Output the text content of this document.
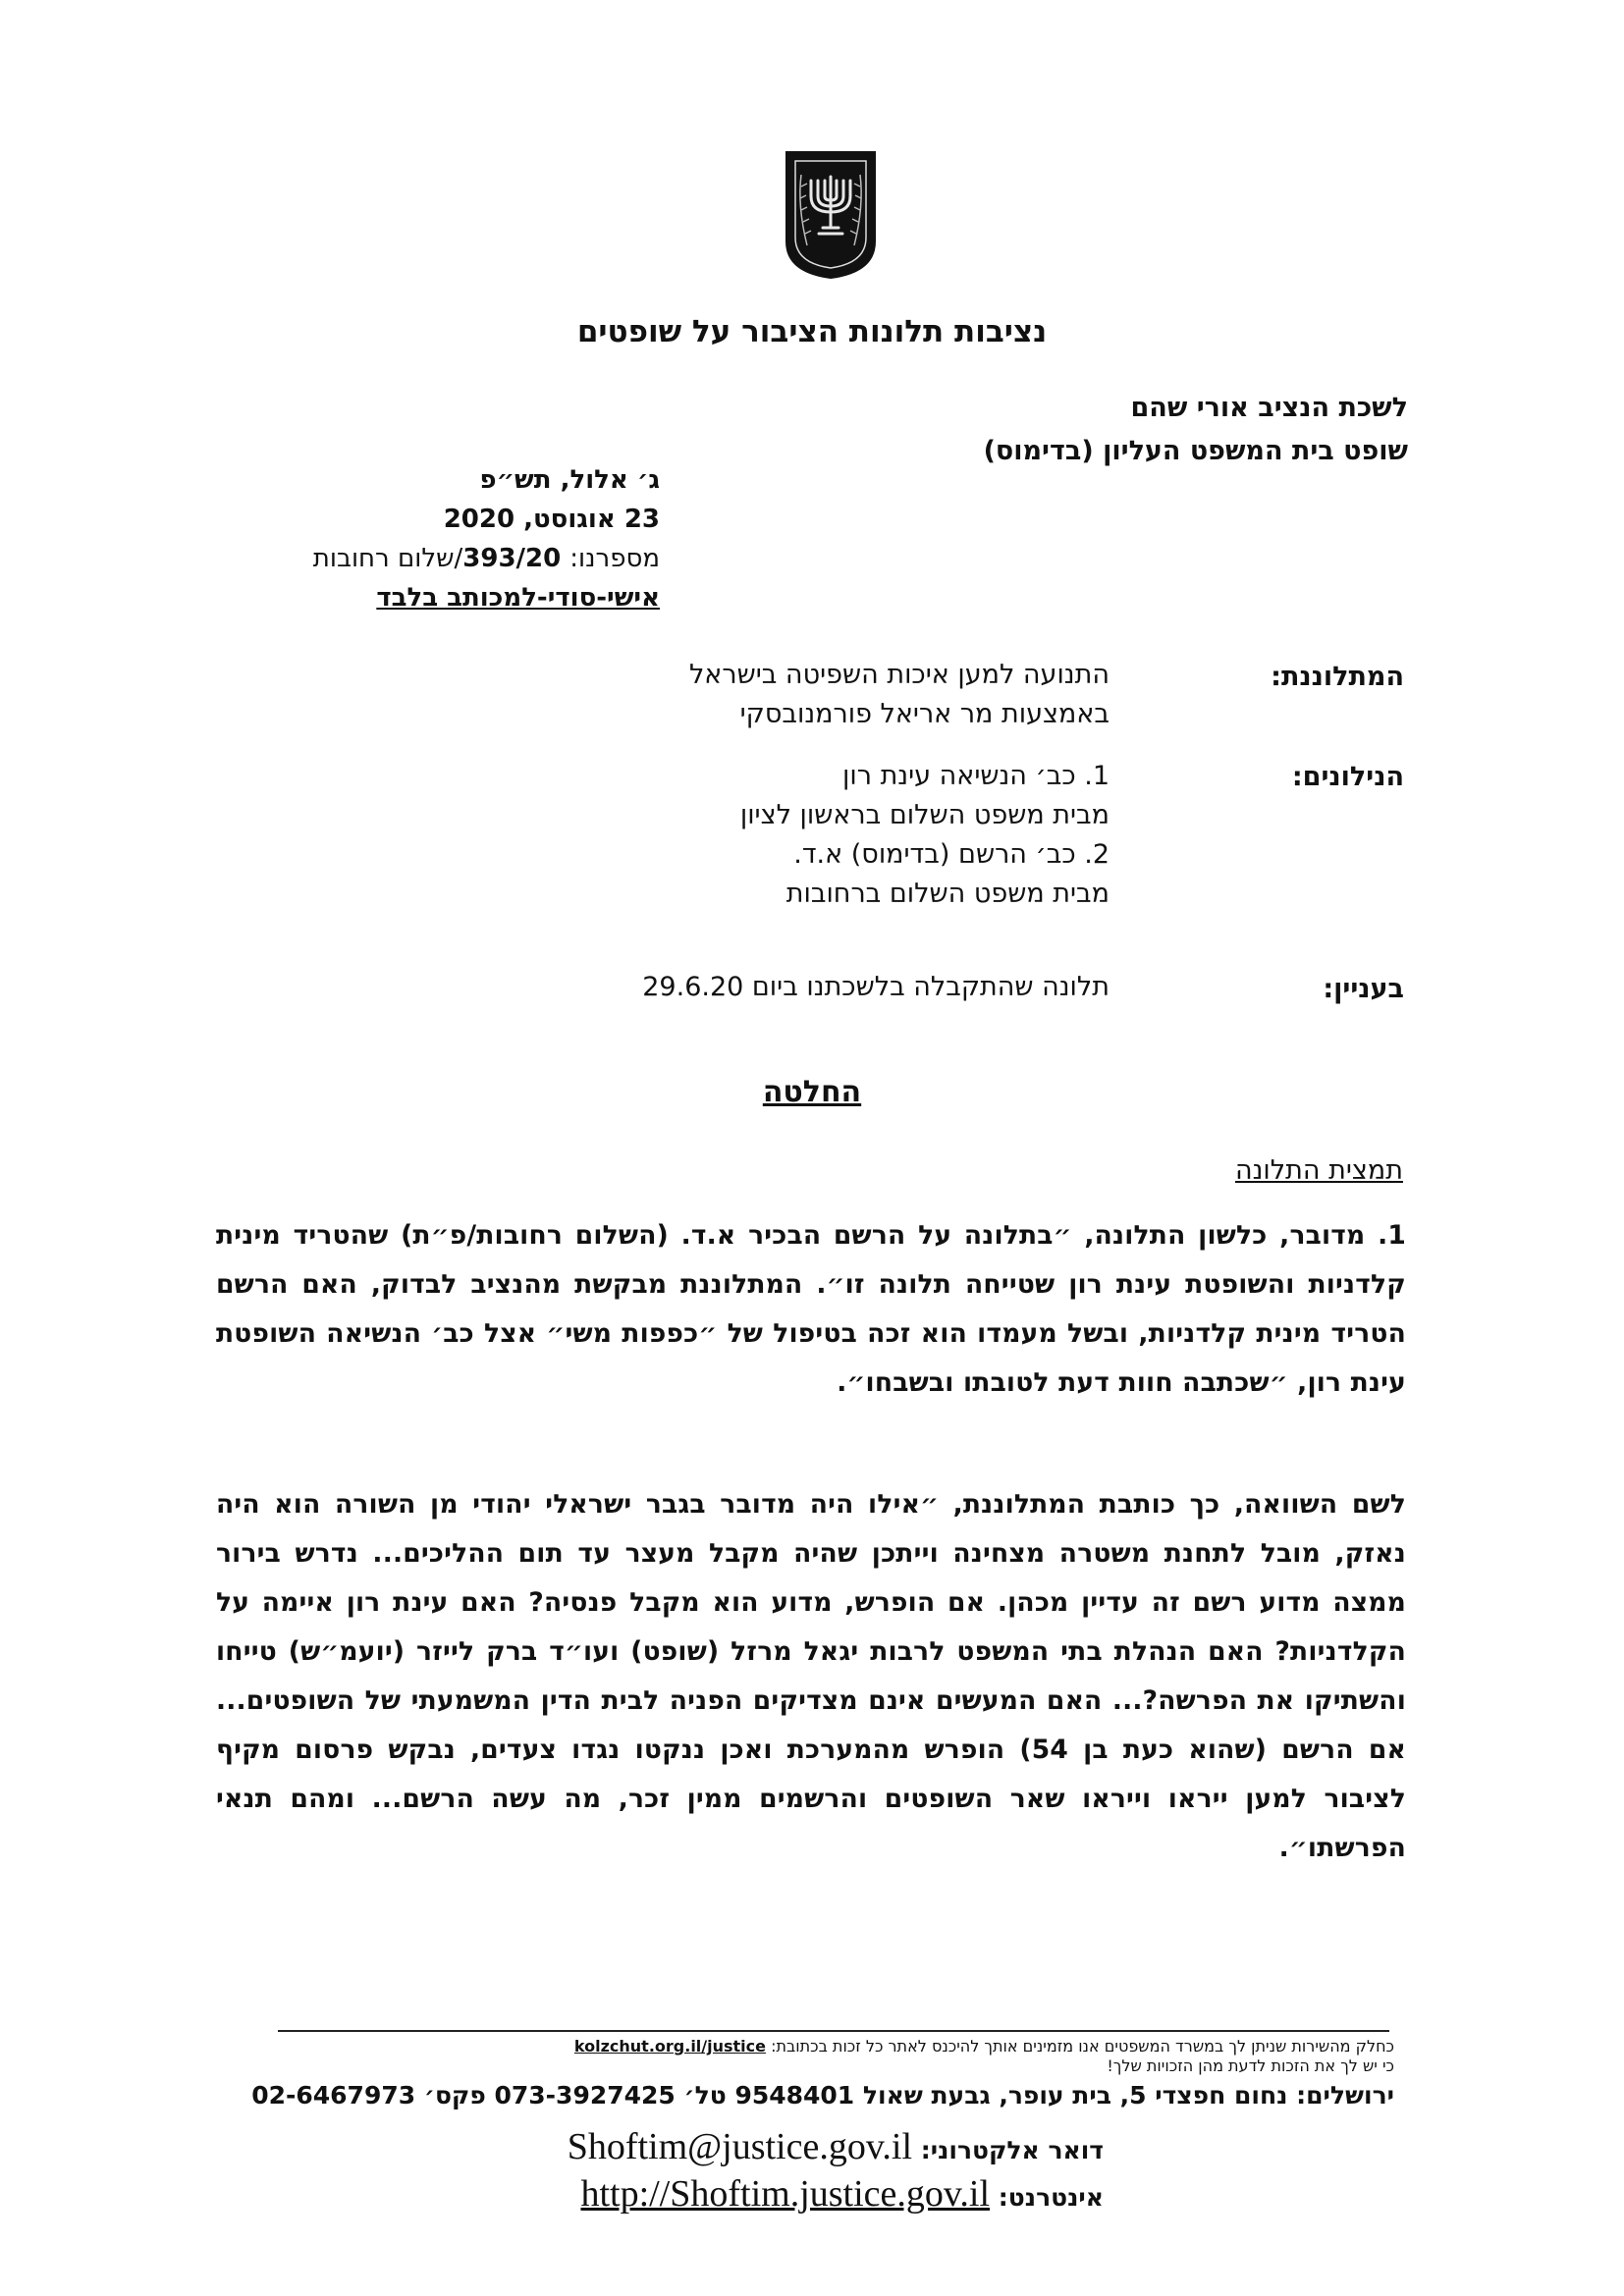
נציבות תלונות הציבור על שופטים
לשכת הנציב אורי שהם
שופט בית המשפט העליון (בדימוס)
ג׳ אלול, תש״פ
23 אוגוסט, 2020
מספרנו: 393/20/שלום רחובות
אישי-סודי-למכותב בלבד
המתלוננת:
התנועה למען איכות השפיטה בישראל
באמצעות מר אריאל פורמנובסקי
הנילונים:
1. כב׳ הנשיאה עינת רון
מבית משפט השלום בראשון לציון
2. כב׳ הרשם (בדימוס) א.ד.
מבית משפט השלום ברחובות
בעניין:
תלונה שהתקבלה בלשכתנו ביום 29.6.20
החלטה
תמצית התלונה
1. מדובר, כלשון התלונה, ״בתלונה על הרשם הבכיר א.ד. (השלום רחובות/פ״ת) שהטריד מינית קלדניות והשופטת עינת רון שטייחה תלונה זו״. המתלוננת מבקשת מהנציב לבדוק, האם הרשם הטריד מינית קלדניות, ובשל מעמדו הוא זכה בטיפול של ״כפפות משי״ אצל כב׳ הנשיאה השופטת עינת רון, ״שכתבה חוות דעת לטובתו ובשבחו״.
לשם השוואה, כך כותבת המתלוננת, ״אילו היה מדובר בגבר ישראלי יהודי מן השורה הוא היה נאזק, מובל לתחנת משטרה מצחינה וייתכן שהיה מקבל מעצר עד תום ההליכים... נדרש בירור ממצה מדוע רשם זה עדיין מכהן. אם הופרש, מדוע הוא מקבל פנסיה? האם עינת רון איימה על הקלדניות? האם הנהלת בתי המשפט לרבות יגאל מרזל (שופט) ועו״ד ברק לייזר (יועמ״ש) טייחו והשתיקו את הפרשה?... האם המעשים אינם מצדיקים הפניה לבית הדין המשמעתי של השופטים... אם הרשם (שהוא כעת בן 54) הופרש מהמערכת ואכן ננקטו נגדו צעדים, נבקש פרסום מקיף לציבור למען ייראו וייראו שאר השופטים והרשמים ממין זכר, מה עשה הרשם... ומהם תנאי הפרשתו״.
כחלק מהשירות שניתן לך במשרד המשפטים אנו מזמינים אותך להיכנס לאתר כל זכות בכתובת: kolzchut.org.il/justice
כי יש לך את הזכות לדעת מהן הזכויות שלך!
ירושלים: נחום חפצדי 5, בית עופר, גבעת שאול 9548401 טל׳ 073-3927425 פקס׳ 02-6467973
דואר אלקטרוני: Shoftim@justice.gov.il
אינטרנט: http://Shoftim.justice.gov.il
